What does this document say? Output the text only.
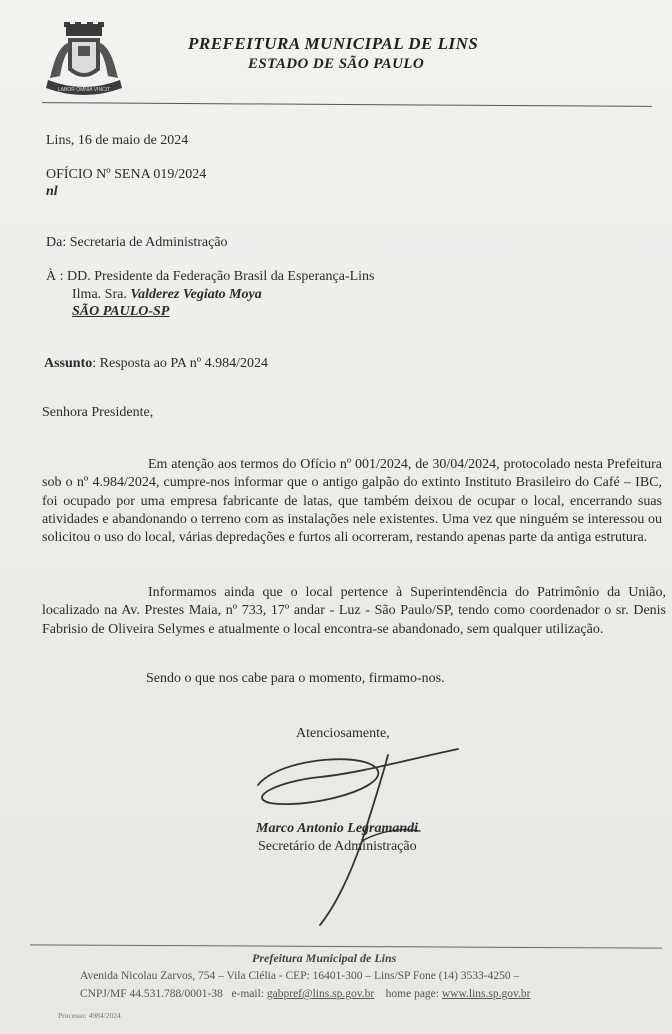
LABOR OMNIA VINCIT
PREFEITURA MUNICIPAL DE LINS
ESTADO DE SÃO PAULO
Lins, 16 de maio de 2024
OFÍCIO Nº SENA 019/2024
nl
Da: Secretaria de Administração
À : DD. Presidente da Federação Brasil da Esperança-Lins
Ilma. Sra. Valderez Vegiato Moya
SÃO PAULO-SP
Assunto: Resposta ao PA nº 4.984/2024
Senhora Presidente,

Em atenção aos termos do Ofício nº 001/2024, de 30/04/2024, protocolado nesta Prefeitura sob o nº 4.984/2024, cumpre-nos informar que o antigo galpão do extinto Instituto Brasileiro do Café – IBC, foi ocupado por uma empresa fabricante de latas, que também deixou de ocupar o local, encerrando suas atividades e abandonando o terreno com as instalações nele existentes. Uma vez que ninguém se interessou ou solicitou o uso do local, várias depredações e furtos ali ocorreram, restando apenas parte da antiga estrutura.

Informamos ainda que o local pertence à Superintendência do Patrimônio da União, localizado na Av. Prestes Maia, nº 733, 17º andar - Luz - São Paulo/SP, tendo como coordenador o sr. Denis Fabrisio de Oliveira Selymes e atualmente o local encontra-se abandonado, sem qualquer utilização.

Sendo o que nos cabe para o momento, firmamo-nos.
Atenciosamente,
Marco Antonio Legramandi
Secretário de Administração
Prefeitura Municipal de Lins
Avenida Nicolau Zarvos, 754 – Vila Clélia - CEP: 16401-300 – Lins/SP Fone (14) 3533-4250 –
CNPJ/MF 44.531.788/0001-38 e-mail: gabpref@lins.sp.gov.br home page: www.lins.sp.gov.br
Processo: 4984/2024
